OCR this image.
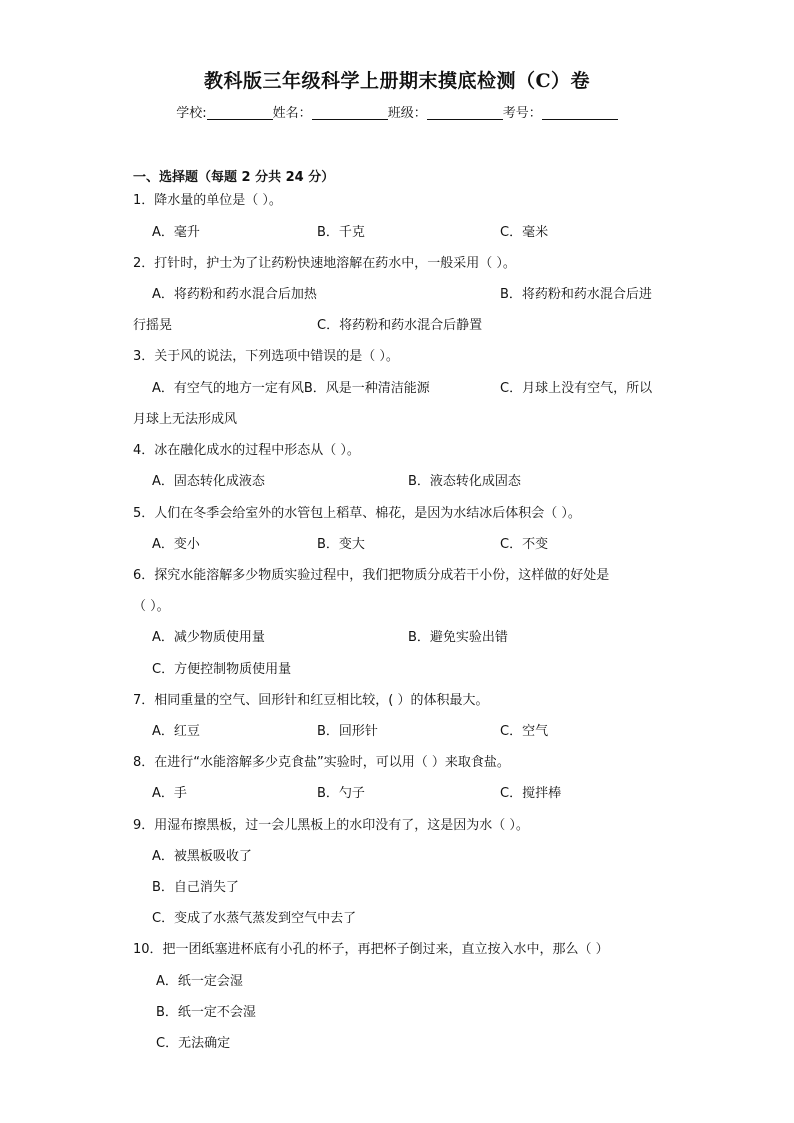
教科版三年级科学上册期末摸底检测（C）卷
学校:	姓名：	班级：	考号：
一、选择题（每题 2 分共 24 分）
1．降水量的单位是（ ）。
A．毫升	B．千克	C．毫米
2．打针时，护士为了让药粉快速地溶解在药水中，一般采用（ ）。
A．将药粉和药水混合后加热	B．将药粉和药水混合后进
行摇晃	C．将药粉和药水混合后静置
3．关于风的说法，下列选项中错误的是（ ）。
A．有空气的地方一定有风B．风是一种清洁能源	C．月球上没有空气，所以
月球上无法形成风
4．冰在融化成水的过程中形态从（ ）。
A．固态转化成液态	B．液态转化成固态
5．人们在冬季会给室外的水管包上稻草、棉花，是因为水结冰后体积会（ ）。
A．变小	B．变大	C．不变
6．探究水能溶解多少物质实验过程中，我们把物质分成若干小份，这样做的好处是
（ ）。
A．减少物质使用量	B．避免实验出错
C．方便控制物质使用量
7．相同重量的空气、回形针和红豆相比较，( ）的体积最大。
A．红豆	B．回形针	C．空气
8．在进行“水能溶解多少克食盐”实验时，可以用（ ）来取食盐。
A．手	B．勺子	C．搅拌棒
9．用湿布擦黑板，过一会儿黑板上的水印没有了，这是因为水（ ）。
A．被黑板吸收了
B．自己消失了
C．变成了水蒸气蒸发到空气中去了
10．把一团纸塞进杯底有小孔的杯子，再把杯子倒过来，直立按入水中，那么（ ）
A．纸一定会湿
B．纸一定不会湿
C．无法确定
